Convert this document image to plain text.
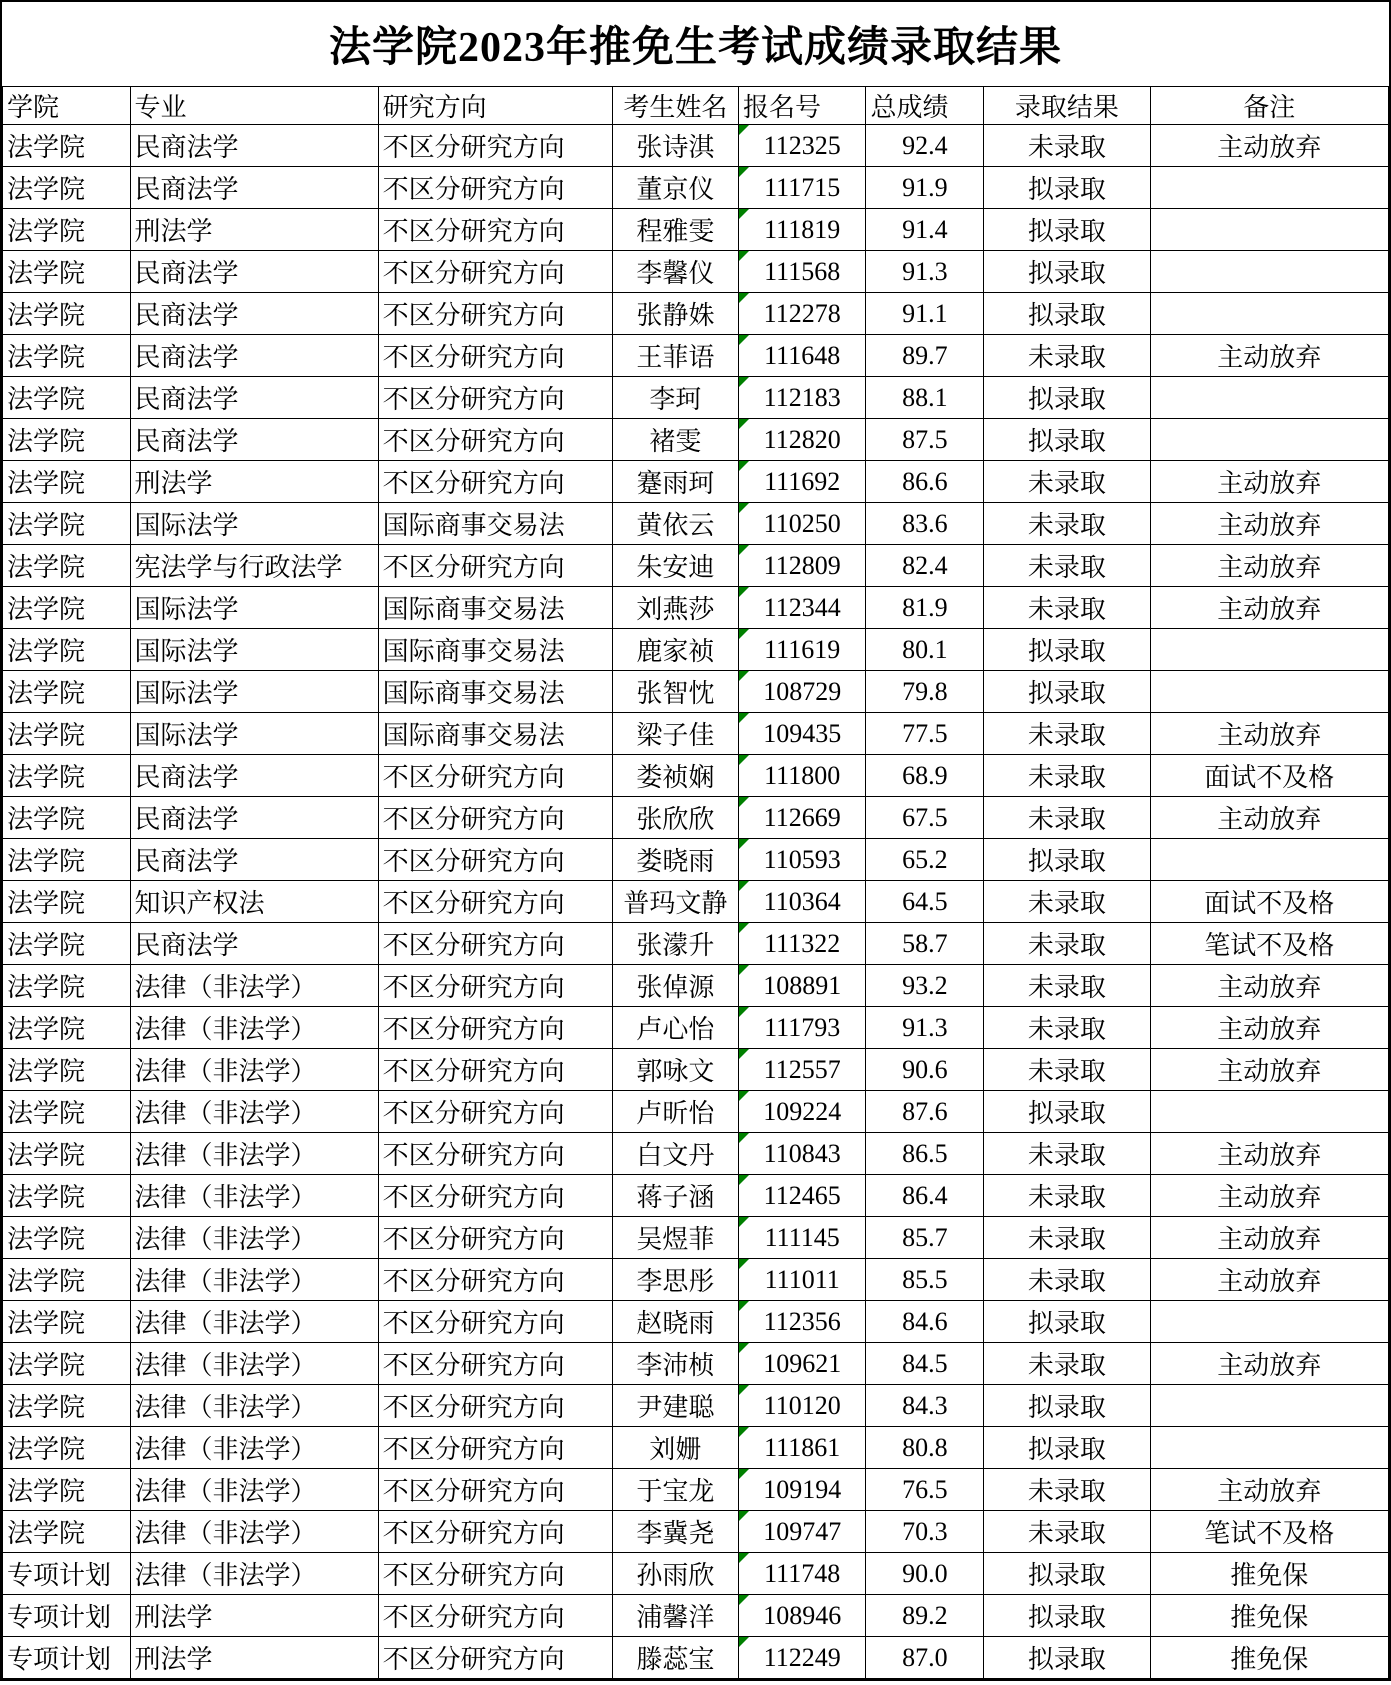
法学院2023年推免生考试成绩录取结果
学院	专业	研究方向	考生姓名	报名号	总成绩	录取结果	备注
法学院	民商法学	不区分研究方向	张诗淇	112325	92.4	未录取	主动放弃
法学院	民商法学	不区分研究方向	董京仪	111715	91.9	拟录取	
法学院	刑法学	不区分研究方向	程雅雯	111819	91.4	拟录取	
法学院	民商法学	不区分研究方向	李馨仪	111568	91.3	拟录取	
法学院	民商法学	不区分研究方向	张静姝	112278	91.1	拟录取	
法学院	民商法学	不区分研究方向	王菲语	111648	89.7	未录取	主动放弃
法学院	民商法学	不区分研究方向	李珂	112183	88.1	拟录取	
法学院	民商法学	不区分研究方向	褚雯	112820	87.5	拟录取	
法学院	刑法学	不区分研究方向	蹇雨珂	111692	86.6	未录取	主动放弃
法学院	国际法学	国际商事交易法	黄依云	110250	83.6	未录取	主动放弃
法学院	宪法学与行政法学	不区分研究方向	朱安迪	112809	82.4	未录取	主动放弃
法学院	国际法学	国际商事交易法	刘燕莎	112344	81.9	未录取	主动放弃
法学院	国际法学	国际商事交易法	鹿家祯	111619	80.1	拟录取	
法学院	国际法学	国际商事交易法	张智忱	108729	79.8	拟录取	
法学院	国际法学	国际商事交易法	梁子佳	109435	77.5	未录取	主动放弃
法学院	民商法学	不区分研究方向	娄祯娴	111800	68.9	未录取	面试不及格
法学院	民商法学	不区分研究方向	张欣欣	112669	67.5	未录取	主动放弃
法学院	民商法学	不区分研究方向	娄晓雨	110593	65.2	拟录取	
法学院	知识产权法	不区分研究方向	普玛文静	110364	64.5	未录取	面试不及格
法学院	民商法学	不区分研究方向	张濛升	111322	58.7	未录取	笔试不及格
法学院	法律（非法学）	不区分研究方向	张倬源	108891	93.2	未录取	主动放弃
法学院	法律（非法学）	不区分研究方向	卢心怡	111793	91.3	未录取	主动放弃
法学院	法律（非法学）	不区分研究方向	郭咏文	112557	90.6	未录取	主动放弃
法学院	法律（非法学）	不区分研究方向	卢昕怡	109224	87.6	拟录取	
法学院	法律（非法学）	不区分研究方向	白文丹	110843	86.5	未录取	主动放弃
法学院	法律（非法学）	不区分研究方向	蒋子涵	112465	86.4	未录取	主动放弃
法学院	法律（非法学）	不区分研究方向	吴煜菲	111145	85.7	未录取	主动放弃
法学院	法律（非法学）	不区分研究方向	李思彤	111011	85.5	未录取	主动放弃
法学院	法律（非法学）	不区分研究方向	赵晓雨	112356	84.6	拟录取	
法学院	法律（非法学）	不区分研究方向	李沛桢	109621	84.5	未录取	主动放弃
法学院	法律（非法学）	不区分研究方向	尹建聪	110120	84.3	拟录取	
法学院	法律（非法学）	不区分研究方向	刘姗	111861	80.8	拟录取	
法学院	法律（非法学）	不区分研究方向	于宝龙	109194	76.5	未录取	主动放弃
法学院	法律（非法学）	不区分研究方向	李冀尧	109747	70.3	未录取	笔试不及格
专项计划	法律（非法学）	不区分研究方向	孙雨欣	111748	90.0	拟录取	推免保
专项计划	刑法学	不区分研究方向	浦馨洋	108946	89.2	拟录取	推免保
专项计划	刑法学	不区分研究方向	滕蕊宝	112249	87.0	拟录取	推免保
